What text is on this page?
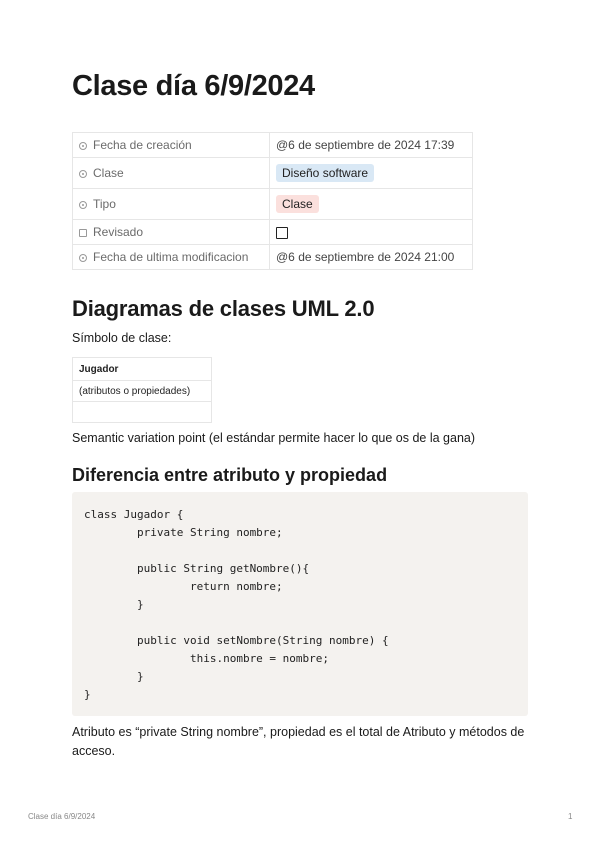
Clase día 6/9/2024
Fecha de creación	@6 de septiembre de 2024 17:39
Clase	Diseño software
Tipo	Clase
Revisado	
Fecha de ultima modificacion	@6 de septiembre de 2024 21:00
Diagramas de clases UML 2.0

Símbolo de clase:

Jugador
(atributos o propiedades)

Semantic variation point (el estándar permite hacer lo que os de la gana)

Diferencia entre atributo y propiedad
class Jugador {
private String nombre;

public String getNombre(){
return nombre;
}

public void setNombre(String nombre) {
this.nombre = nombre;
}
}

Atributo es “private String nombre”, propiedad es el total de Atributo y métodos de acceso.

Clase día 6/9/2024	1
